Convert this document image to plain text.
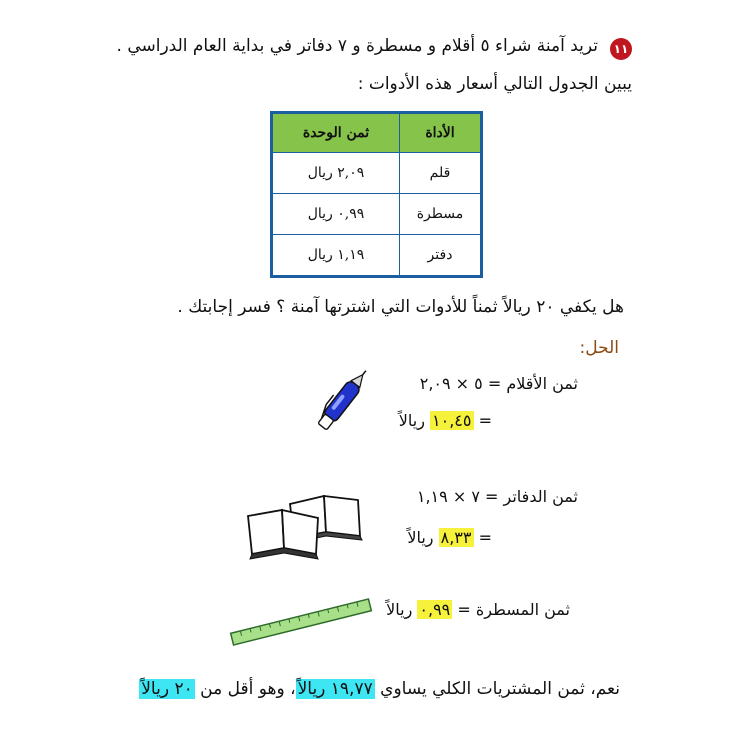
١١
تريد آمنة شراء ٥ أقلام و مسطرة و ٧ دفاتر في بداية العام الدراسي .
يبين الجدول التالي أسعار هذه الأدوات :
الأداة	ثمن الوحدة
قلم	٢,٠٩ ريال
مسطرة	٠,٩٩ ريال
دفتر	١,١٩ ريال
هل يكفي ٢٠ ريالاً ثمناً للأدوات التي اشترتها آمنة ؟ فسر إجابتك .
الحل:
ثمن الأقلام = ٥ × ٢,٠٩
= ١٠,٤٥ ريالاً
ثمن الدفاتر = ٧ × ١,١٩
= ٨,٣٣ ريالاً
ثمن المسطرة = ٠,٩٩ ريالاً
نعم، ثمن المشتريات الكلي يساوي ١٩,٧٧ ريالاً، وهو أقل من ٢٠ ريالاً
